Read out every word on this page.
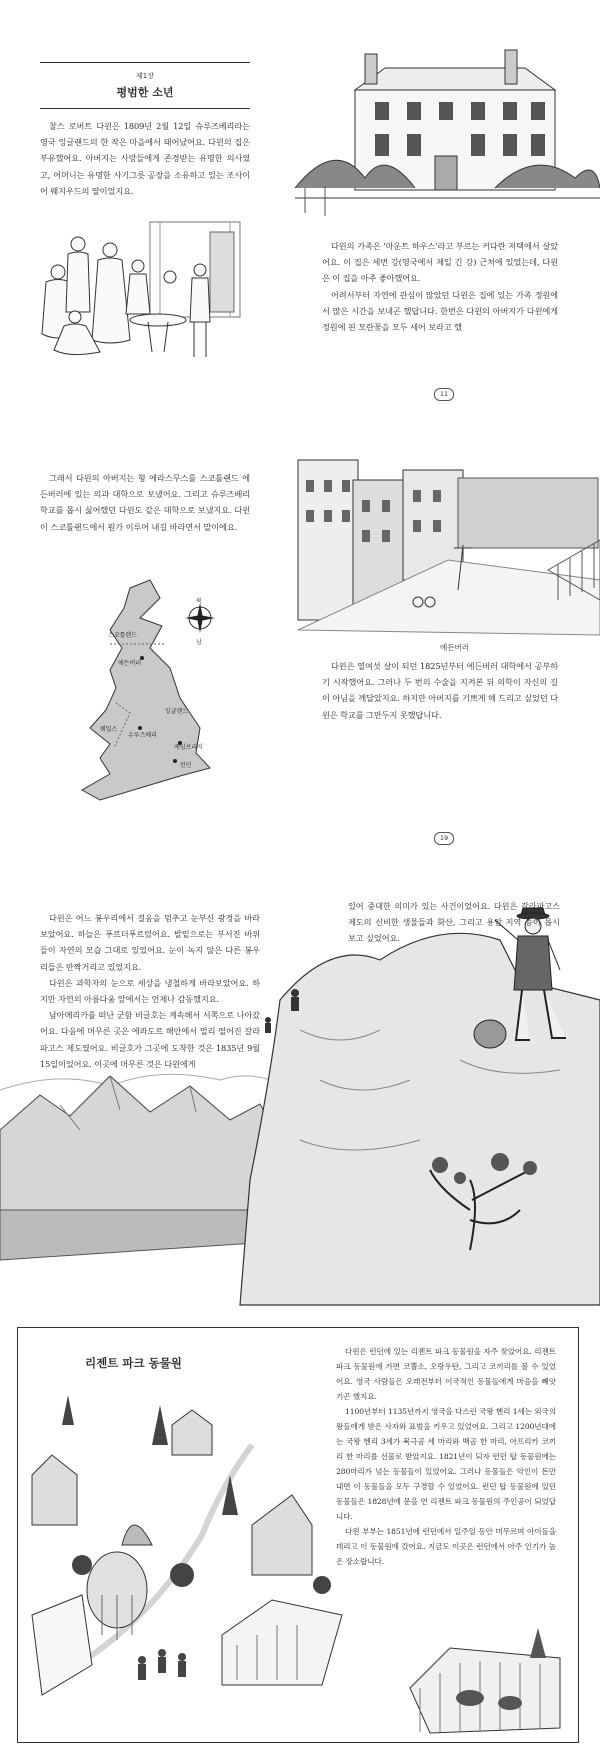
제1장
평범한 소년

찰스 로버트 다윈은 1809년 2월 12일 슈루즈베리라는 영국 잉글랜드의 한 작은 마을에서 태어났어요. 다윈의 집은 부유했어요. 아버지는 사람들에게 존경받는 유명한 의사였고, 어머니는 유명한 사기그릇 공장을 소유하고 있는 조사이어 웨지우드의 딸이었지요.

다윈의 가족은 '마운트 하우스'라고 부르는 커다란 저택에서 살았어요. 이 집은 세번 강(영국에서 제일 긴 강) 근처에 있었는데, 다윈은 이 집을 아주 좋아했어요.

어려서부터 자연에 관심이 많았던 다윈은 집에 있는 가족 정원에서 많은 시간을 보내곤 했답니다. 한번은 다윈의 아버지가 다윈에게 정원에 핀 모란꽃을 모두 세어 보라고 했

11

그래서 다윈의 아버지는 형 에라스무스를 스코틀랜드 에든버러에 있는 의과 대학으로 보냈어요. 그리고 슈루즈베리 학교를 몹시 싫어했던 다윈도 같은 대학으로 보냈지요. 다윈이 스코틀랜드에서 뭔가 이루어 내길 바라면서 말이에요.

북
남
스코틀랜드
에든버러
잉글랜드
웨일스
슈루즈베리
케임브리지
런던
에든버러

다윈은 열여섯 살이 되던 1825년부터 에든버러 대학에서 공부하기 시작했어요. 그러나 두 번의 수술을 지켜본 뒤 의학이 자신의 길이 아님을 깨달았지요. 하지만 아버지를 기쁘게 해 드리고 싶었던 다윈은 학교를 그만두지 못했답니다.

19

다윈은 어느 봉우리에서 걸음을 멈추고 눈부신 광경을 바라보았어요. 하늘은 푸르더푸르렀어요. 발밑으로는 부서진 바위들이 자연의 모습 그대로 있었어요. 눈이 녹지 않은 다른 봉우리들은 반짝거리고 있었지요.

다윈은 과학자의 눈으로 세상을 냉철하게 바라보았어요. 하지만 자연의 아름다움 앞에서는 언제나 감동했지요.

남아메리카를 떠난 군함 비글호는 계속해서 서쪽으로 나아갔어요. 다음에 머무른 곳은 에콰도르 해안에서 멀리 떨어진 갈라파고스 제도였어요. 비글호가 그곳에 도착한 것은 1835년 9월 15일이었어요. 이곳에 머무른 것은 다윈에게

있어 중대한 의미가 있는 사건이었어요. 다윈은 갈라파고스 제도의 신비한 생물들과 화산, 그리고 용암 지역 등이 몹시 보고 싶었어요.

리젠트 파크 동물원

다윈은 런던에 있는 리젠트 파크 동물원을 자주 찾았어요. 리젠트 파크 동물원에 가면 코뿔소, 오랑우탄, 그리고 코끼리를 볼 수 있었어요. 영국 사람들은 오래전부터 이국적인 동물들에게 마음을 빼앗기곤 했지요.

1100년부터 1135년까지 영국을 다스린 국왕 헨리 1세는 외국의 왕들에게 받은 사자와 표범을 키우고 있었어요. 그리고 1200년대에는 국왕 헨리 3세가 북극곰 세 마리와 백곰 한 마리, 아프리카 코끼리 한 마리를 선물로 받았지요. 1821년이 되자 런던 탑 동물원에는 280마리가 넘는 동물들이 있었어요. 그러나 동물들은 악인이 돈만 내면 이 동물들을 모두 구경할 수 있었어요. 런던 탑 동물원에 있던 동물들은 1828년에 문을 연 리젠트 파크 동물원의 주인공이 되었답니다.

다윈 부부는 1851년에 런던에서 일주일 동안 머무르며 아이들을 데리고 이 동물원에 갔어요. 지금도 이곳은 런던에서 아주 인기가 높은 장소랍니다.
